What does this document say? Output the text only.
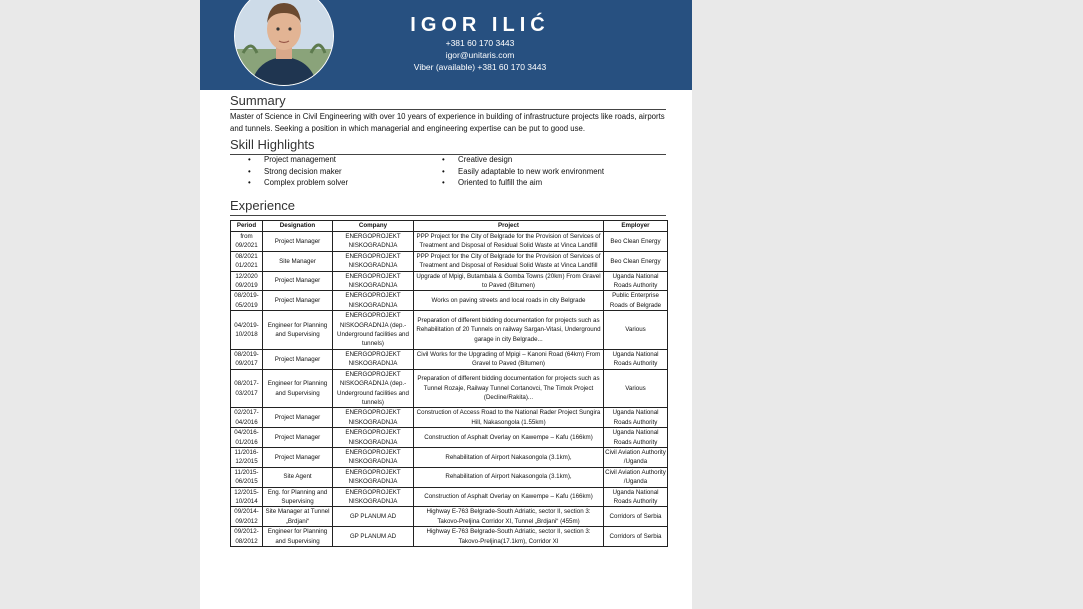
IGOR ILIĆ
+381 60 170 3443
igor@unitaris.com
Viber (available) +381 60 170 3443
Summary
Master of Science in Civil Engineering with over 10 years of experience in building of infrastructure projects like roads, airports and tunnels. Seeking a position in which managerial and engineering expertise can be put to good use.
Skill Highlights
• Project management
• Strong decision maker
• Complex problem solver
• Creative design
• Easily adaptable to new work environment
• Oriented to fulfill the aim
Experience
Period	Designation	Company	Project	Employer
from 09/2021	Project Manager	ENERGOPROJEKT NISKOGRADNJA	PPP Project for the City of Belgrade for the Provision of Services of Treatment and Disposal of Residual Solid Waste at Vinca Landfill	Beo Clean Energy
08/2021 01/2021	Site Manager	ENERGOPROJEKT NISKOGRADNJA	PPP Project for the City of Belgrade for the Provision of Services of Treatment and Disposal of Residual Solid Waste at Vinca Landfill	Beo Clean Energy
12/2020 09/2019	Project Manager	ENERGOPROJEKT NISKOGRADNJA	Upgrade of Mpigi, Butambala & Gomba Towns (20km) From Gravel to Paved (Bitumen)	Uganda National Roads Authority
08/2019- 05/2019	Project Manager	ENERGOPROJEKT NISKOGRADNJA	Works on paving streets and local roads in city Belgrade	Public Enterprise Roads of Belgrade
04/2019- 10/2018	Engineer for Planning and Supervising	ENERGOPROJEKT NISKOGRADNJA (dep.-Underground facilities and tunnels)	Preparation of different bidding documentation for projects such as Rehabilitation of 20 Tunnels on railway Sargan-Vitasi, Underground garage in city Belgrade...	Various
08/2019- 09/2017	Project Manager	ENERGOPROJEKT NISKOGRADNJA	Civil Works for the Upgrading of Mpigi – Kanoni Road (64km) From Gravel to Paved (Bitumen)	Uganda National Roads Authority
08/2017- 03/2017	Engineer for Planning and Supervising	ENERGOPROJEKT NISKOGRADNJA (dep.-Underground facilities and tunnels)	Preparation of different bidding documentation for projects such as Tunnel Rozaje, Railway Tunnel Cortanovci, The Timok Project (Decline/Rakita)...	Various
02/2017- 04/2016	Project Manager	ENERGOPROJEKT NISKOGRADNJA	Construction of Access Road to the National Rader Project Sungira Hill, Nakasongola (1.55km)	Uganda National Roads Authority
04/2016- 01/2016	Project Manager	ENERGOPROJEKT NISKOGRADNJA	Construction of Asphalt Overlay on Kawempe – Kafu (166km)	Uganda National Roads Authority
11/2016- 12/2015	Project Manager	ENERGOPROJEKT NISKOGRADNJA	Rehabilitation of Airport Nakasongola (3.1km),	Civil Aviation Authority /Uganda
11/2015- 06/2015	Site Agent	ENERGOPROJEKT NISKOGRADNJA	Rehabilitation of Airport Nakasongola (3.1km),	Civil Aviation Authority /Uganda
12/2015- 10/2014	Eng. for Planning and Supervising	ENERGOPROJEKT NISKOGRADNJA	Construction of Asphalt Overlay on Kawempe – Kafu (166km)	Uganda National Roads Authority
09/2014- 09/2012	Site Manager at Tunnel „Brdjani“	GP PLANUM AD	Highway E-763 Belgrade-South Adriatic, sector II, section 3: Takovo-Preljina Corridor XI, Tunnel „Brdjani“ (455m)	Corridors of Serbia
09/2012- 08/2012	Engineer for Planning and Supervising	GP PLANUM AD	Highway E-763 Belgrade-South Adriatic, sector II, section 3: Takovo-Preljina(17.1km), Corridor XI	Corridors of Serbia
